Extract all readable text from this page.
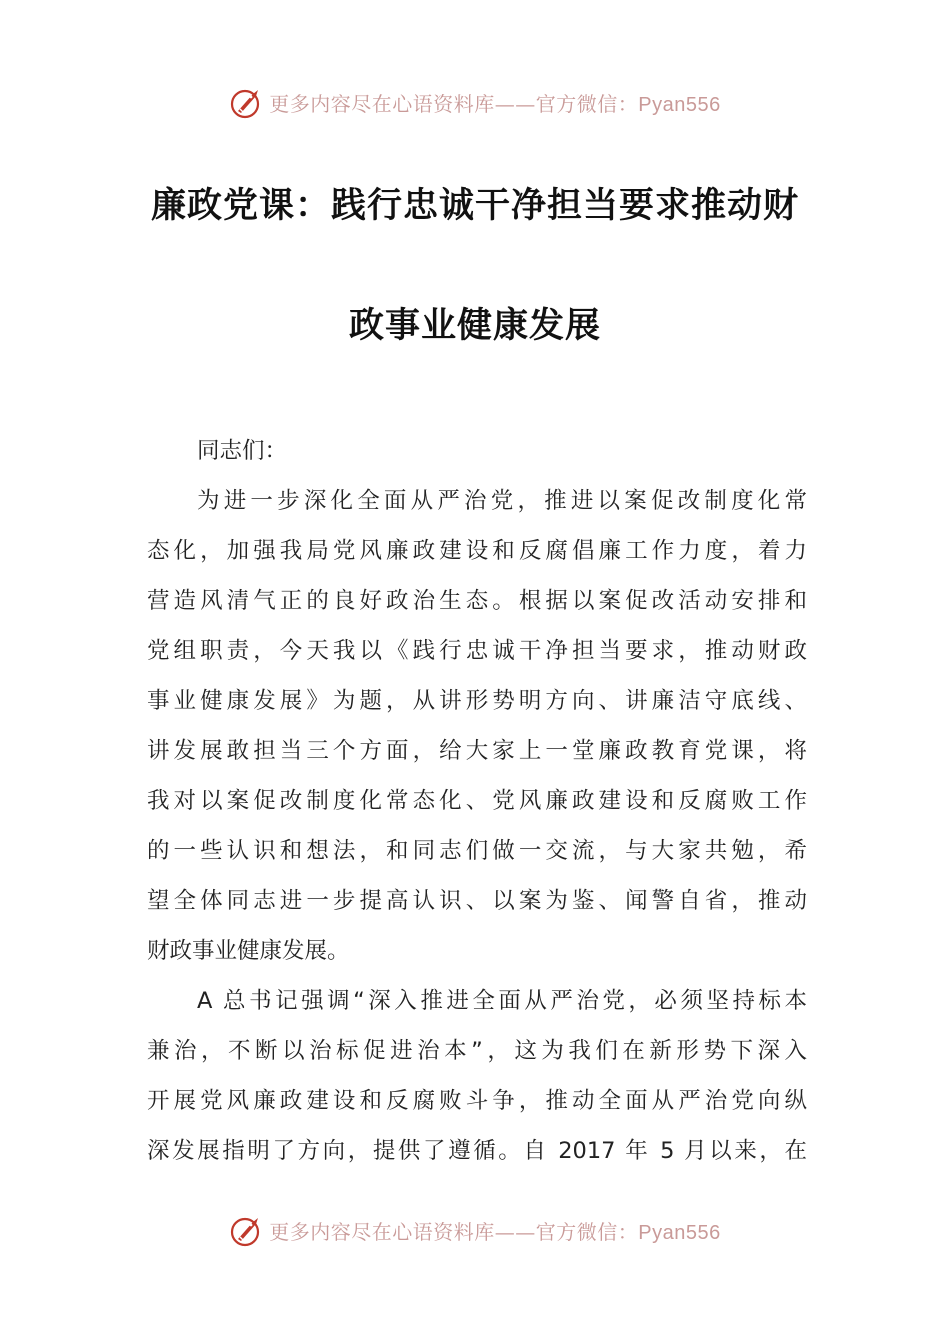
更多内容尽在心语资料库——官方微信：Pyan556
廉政党课：践行忠诚干净担当要求推动财
政事业健康发展
同志们：
为进一步深化全面从严治党，推进以案促改制度化常
态化，加强我局党风廉政建设和反腐倡廉工作力度，着力
营造风清气正的良好政治生态。根据以案促改活动安排和
党组职责，今天我以《践行忠诚干净担当要求，推动财政
事业健康发展》为题，从讲形势明方向、讲廉洁守底线、
讲发展敢担当三个方面，给大家上一堂廉政教育党课，将
我对以案促改制度化常态化、党风廉政建设和反腐败工作
的一些认识和想法，和同志们做一交流，与大家共勉，希
望全体同志进一步提高认识、以案为鉴、闻警自省，推动
财政事业健康发展。
A 总书记强调“深入推进全面从严治党，必须坚持标本
兼治，不断以治标促进治本”，这为我们在新形势下深入
开展党风廉政建设和反腐败斗争，推动全面从严治党向纵
深发展指明了方向，提供了遵循。自 2017 年 5 月以来，在
更多内容尽在心语资料库——官方微信：Pyan556
